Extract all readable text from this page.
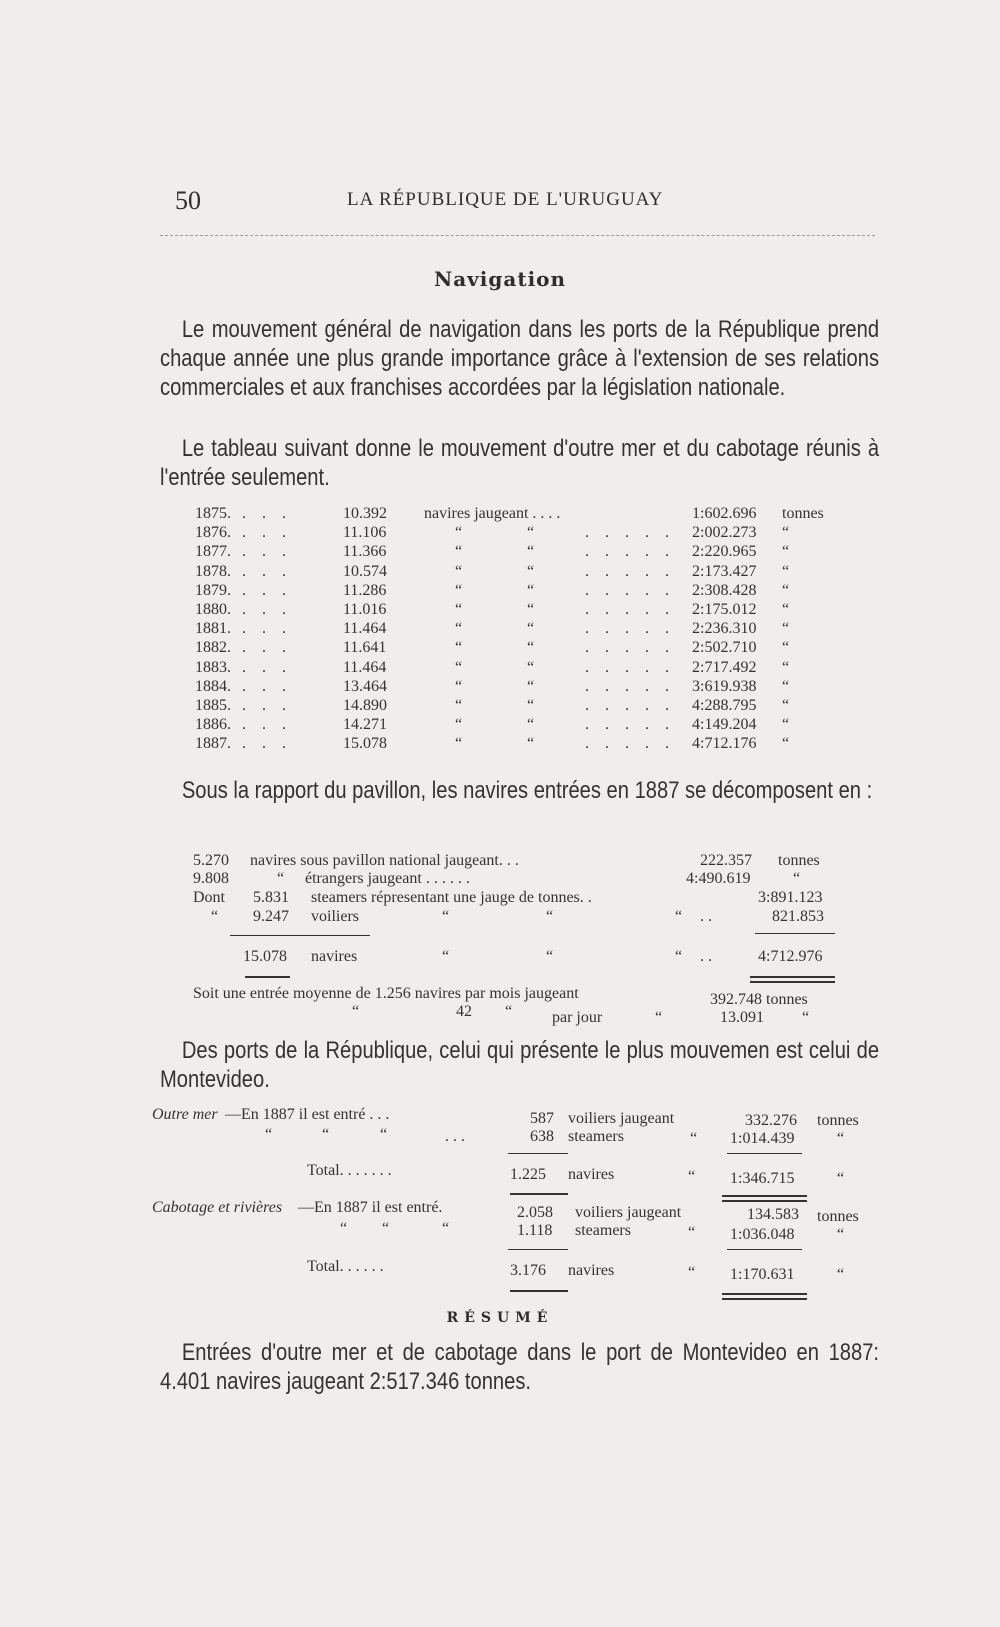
50	LA RÉPUBLIQUE DE L'URUGUAY
Navigation
Le mouvement général de navigation dans les ports de la République prend chaque année une plus grande importance grâce à l'extension de ses relations commerciales et aux franchises accordées par la législation nationale.
Le tableau suivant donne le mouvement d'outre mer et du cabotage réunis à l'entrée seulement.
1875. . . .	10.392 navires jaugeant . . . .	1:602.696 tonnes
1876. . . .	11.106	“	“	. . . . . 2:002.273 “
1877. . . .	11.366	“	“	. . . . . 2:220.965 “
1878. . . .	10.574	“	“	. . . . . 2:173.427 “
1879. . . .	11.286	“	“	. . . . . 2:308.428 “
1880. . . .	11.016	“	“	. . . . . 2:175.012 “
1881. . . .	11.464	“	“	. . . . . 2:236.310 “
1882. . . .	11.641	“	“	. . . . . 2:502.710 “
1883. . . .	11.464	“	“	. . . . . 2:717.492 “
1884. . . .	13.464	“	“	. . . . . 3:619.938 “
1885. . . .	14.890	“	“	. . . . . 4:288.795 “
1886. . . .	14.271	“	“	. . . . . 4:149.204 “
1887. . . .	15.078	“	“	. . . . . 4:712.176 “
Sous la rapport du pavillon, les navires entrées en 1887 se décomposent en :
5.270 navires sous pavillon national jaugeant. . .	222.357 tonnes
9.808	“ étrangers jaugeant . . . . . .	4:490.619	“
Dont 5.831 steamers répresentant une jauge de tonnes. .	3:891.123
“ 9.247 voiliers	“	“	“ . .	821.853
15.078 navires	“	“	“ . .	4:712.976
Soit une entrée moyenne de 1.256 navires par mois jaugeant	392.748 tonnes
“	42 “ par jour	“	13.091 “
Des ports de la République, celui qui présente le plus mouvemen est celui de Montevideo.
Outre mer —En 1887 il est entré . . .	587 voiliers jaugeant	332.276 tonnes
“	“	“	. . .	638 steamers	“ 1:014.439	“
Total. . . . . . .	1.225 navires	“ 1:346.715	“
Cabotage et rivières —En 1887 il est entré.	2.058 voiliers jaugeant	134.583 tonnes
“ “	“	1.118 steamers	“ 1:036.048	“
Total. . . . . .	3.176 navires	“ 1:170.631	“
RÉSUMÉ
Entrées d'outre mer et de cabotage dans le port de Montevideo en 1887: 4.401 navires jaugeant 2:517.346 tonnes.
